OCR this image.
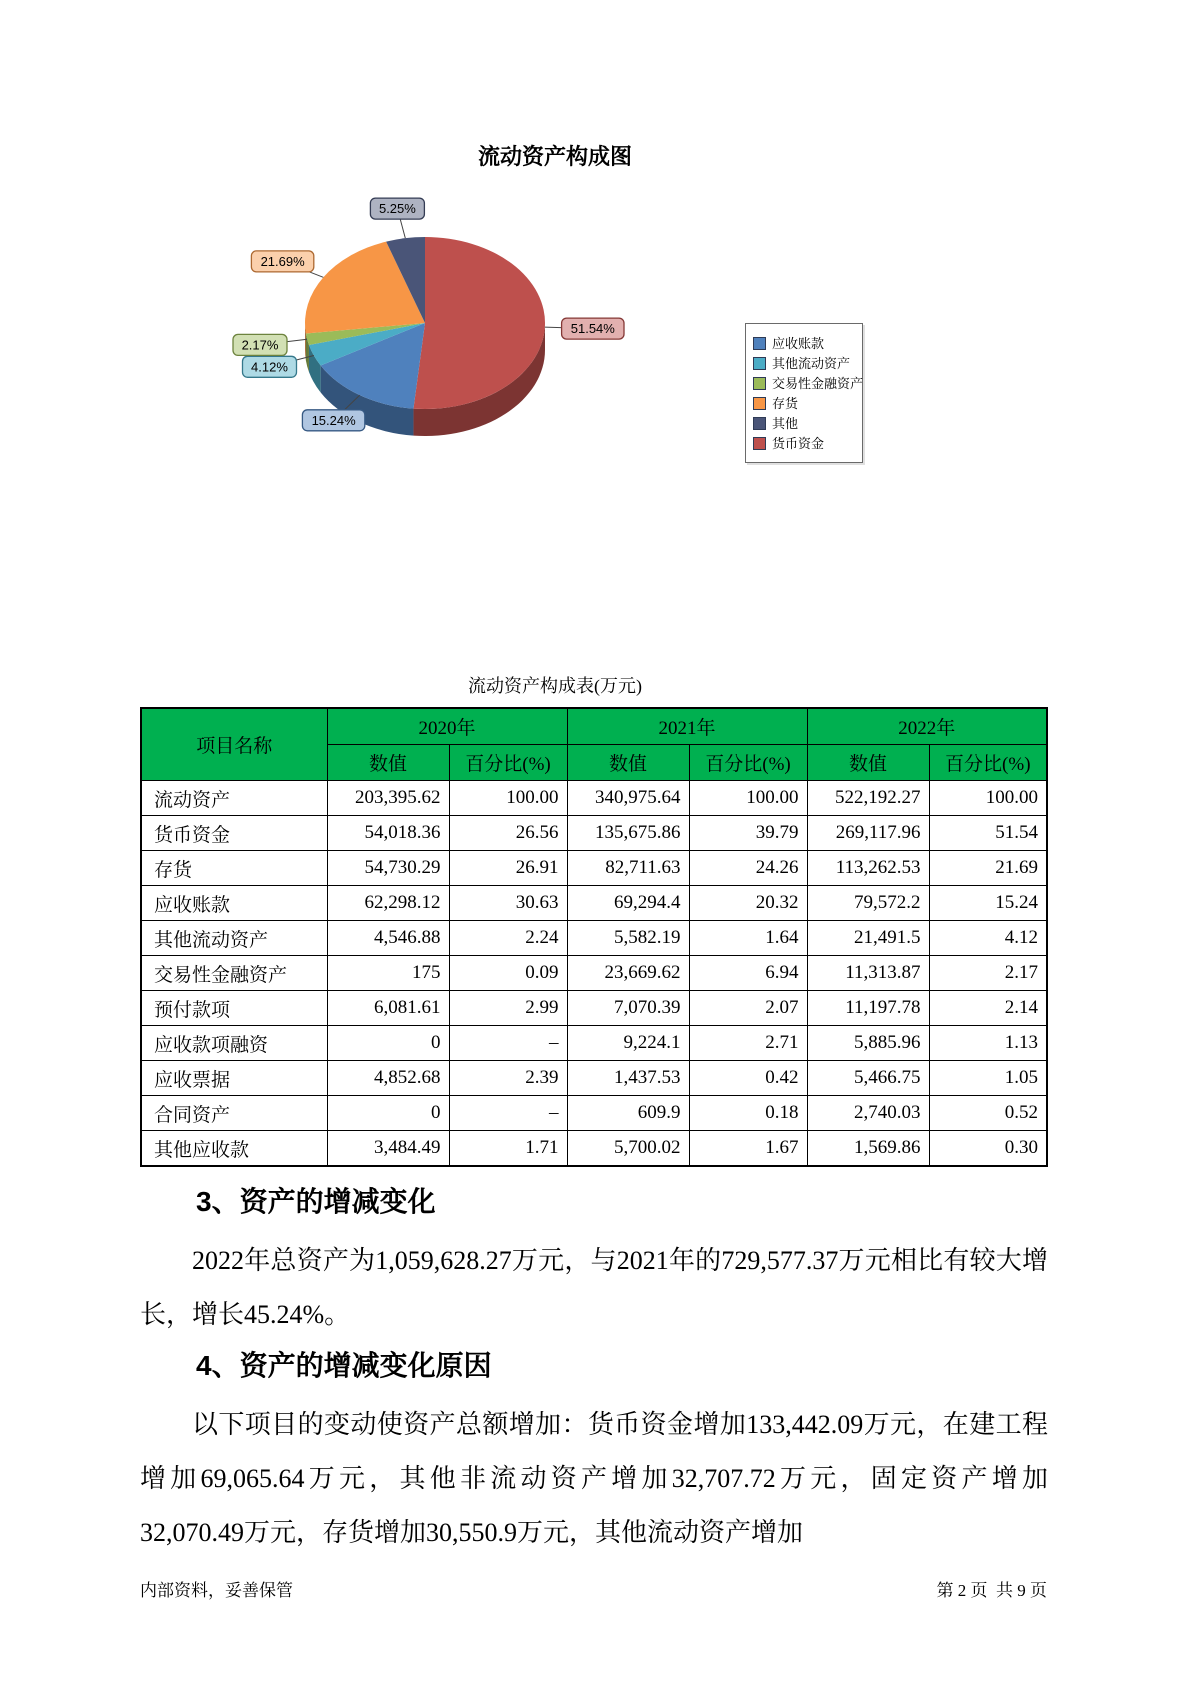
流动资产构成图
51.54%
15.24%
4.12%
2.17%
21.69%
5.25%
应收账款
其他流动资产
交易性金融资产
存货
其他
货币资金
流动资产构成表(万元)
项目名称	2020年		2021年		2022年	
	数值	百分比(%)	数值	百分比(%)	数值	百分比(%)
流动资产	203,395.62	100.00	340,975.64	100.00	522,192.27	100.00
货币资金	54,018.36	26.56	135,675.86	39.79	269,117.96	51.54
存货	54,730.29	26.91	82,711.63	24.26	113,262.53	21.69
应收账款	62,298.12	30.63	69,294.4	20.32	79,572.2	15.24
其他流动资产	4,546.88	2.24	5,582.19	1.64	21,491.5	4.12
交易性金融资产	175	0.09	23,669.62	6.94	11,313.87	2.17
预付款项	6,081.61	2.99	7,070.39	2.07	11,197.78	2.14
应收款项融资	0	–	9,224.1	2.71	5,885.96	1.13
应收票据	4,852.68	2.39	1,437.53	0.42	5,466.75	1.05
合同资产	0	–	609.9	0.18	2,740.03	0.52
其他应收款	3,484.49	1.71	5,700.02	1.67	1,569.86	0.30
3、资产的增减变化

2022年总资产为1,059,628.27万元，与2021年的729,577.37万元相比有较大增长，增长45.24%。

4、资产的增减变化原因

以下项目的变动使资产总额增加：货币资金增加133,442.09万元，在建工程增加69,065.64万元，其他非流动资产增加32,707.72万元，固定资产增加32,070.49万元，存货增加30,550.9万元，其他流动资产增加

内部资料，妥善保管	第 2 页  共 9 页
